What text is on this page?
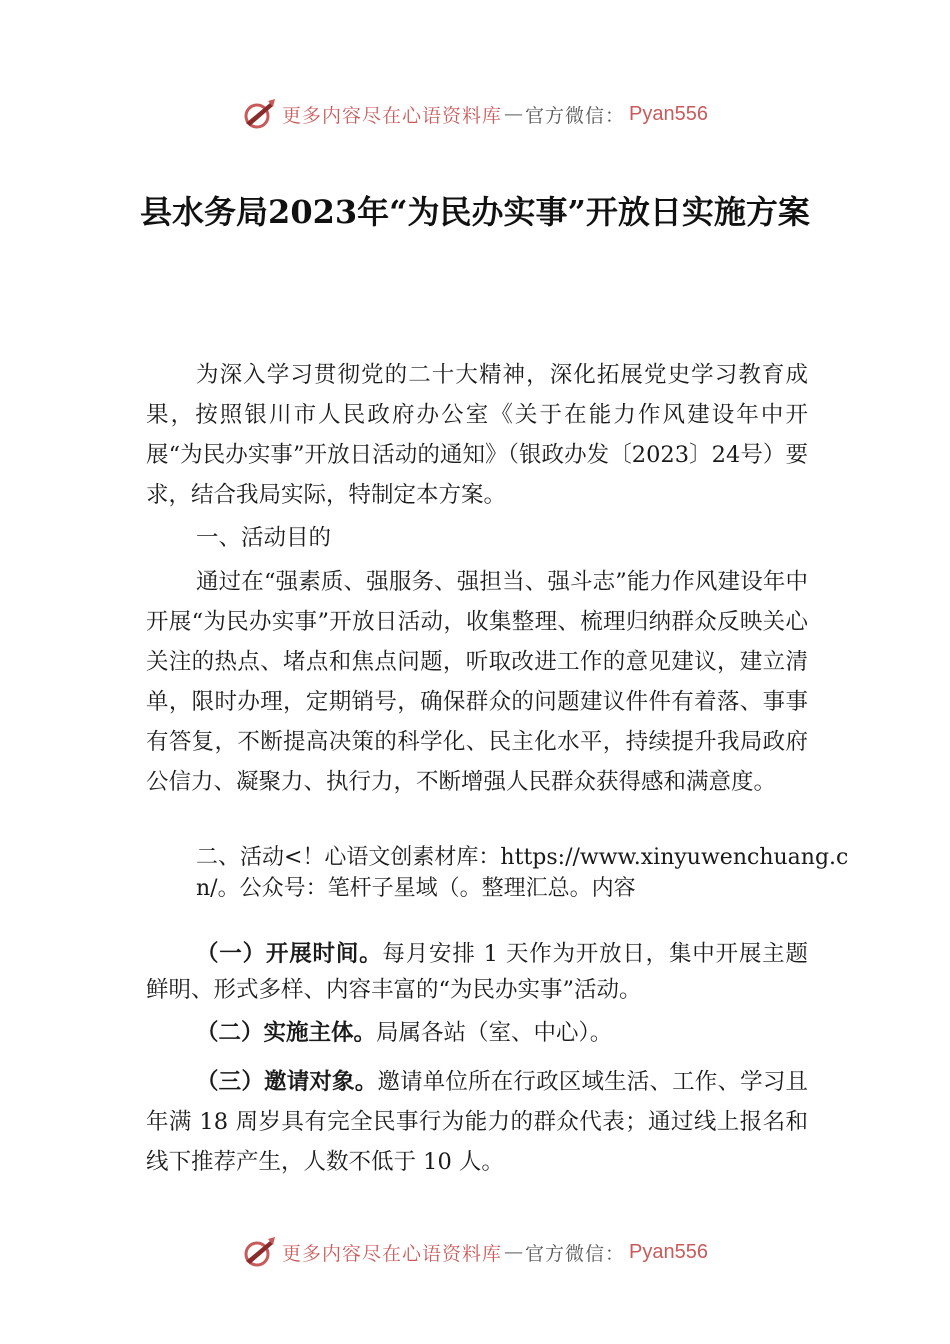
更多内容尽在心语资料库 — 官方微信： Pyan556
县水务局2023年“为民办实事”开放日实施方案

为深入学习贯彻党的二十大精神，深化拓展党史学习教育成果，按照银川市人民政府办公室《关于在能力作风建设年中开展“为民办实事”开放日活动的通知》（银政办发〔2023〕24号）要求，结合我局实际，特制定本方案。

一、活动目的

通过在“强素质、强服务、强担当、强斗志”能力作风建设年中开展“为民办实事”开放日活动，收集整理、梳理归纳群众反映关心关注的热点、堵点和焦点问题，听取改进工作的意见建议，建立清单，限时办理，定期销号，确保群众的问题建议件件有着落、事事有答复，不断提高决策的科学化、民主化水平，持续提升我局政府公信力、凝聚力、执行力，不断增强人民群众获得感和满意度。

二、活动<！心语文创素材库：https://www.xinyuwenchuang.cn/。公众号：笔杆子星域（。整理汇总。内容

（一）开展时间。每月安排 1 天作为开放日，集中开展主题鲜明、形式多样、内容丰富的“为民办实事”活动。

（二）实施主体。局属各站（室、中心）。

（三）邀请对象。邀请单位所在行政区域生活、工作、学习且年满 18 周岁具有完全民事行为能力的群众代表；通过线上报名和线下推荐产生，人数不低于 10 人。

更多内容尽在心语资料库 — 官方微信： Pyan556
